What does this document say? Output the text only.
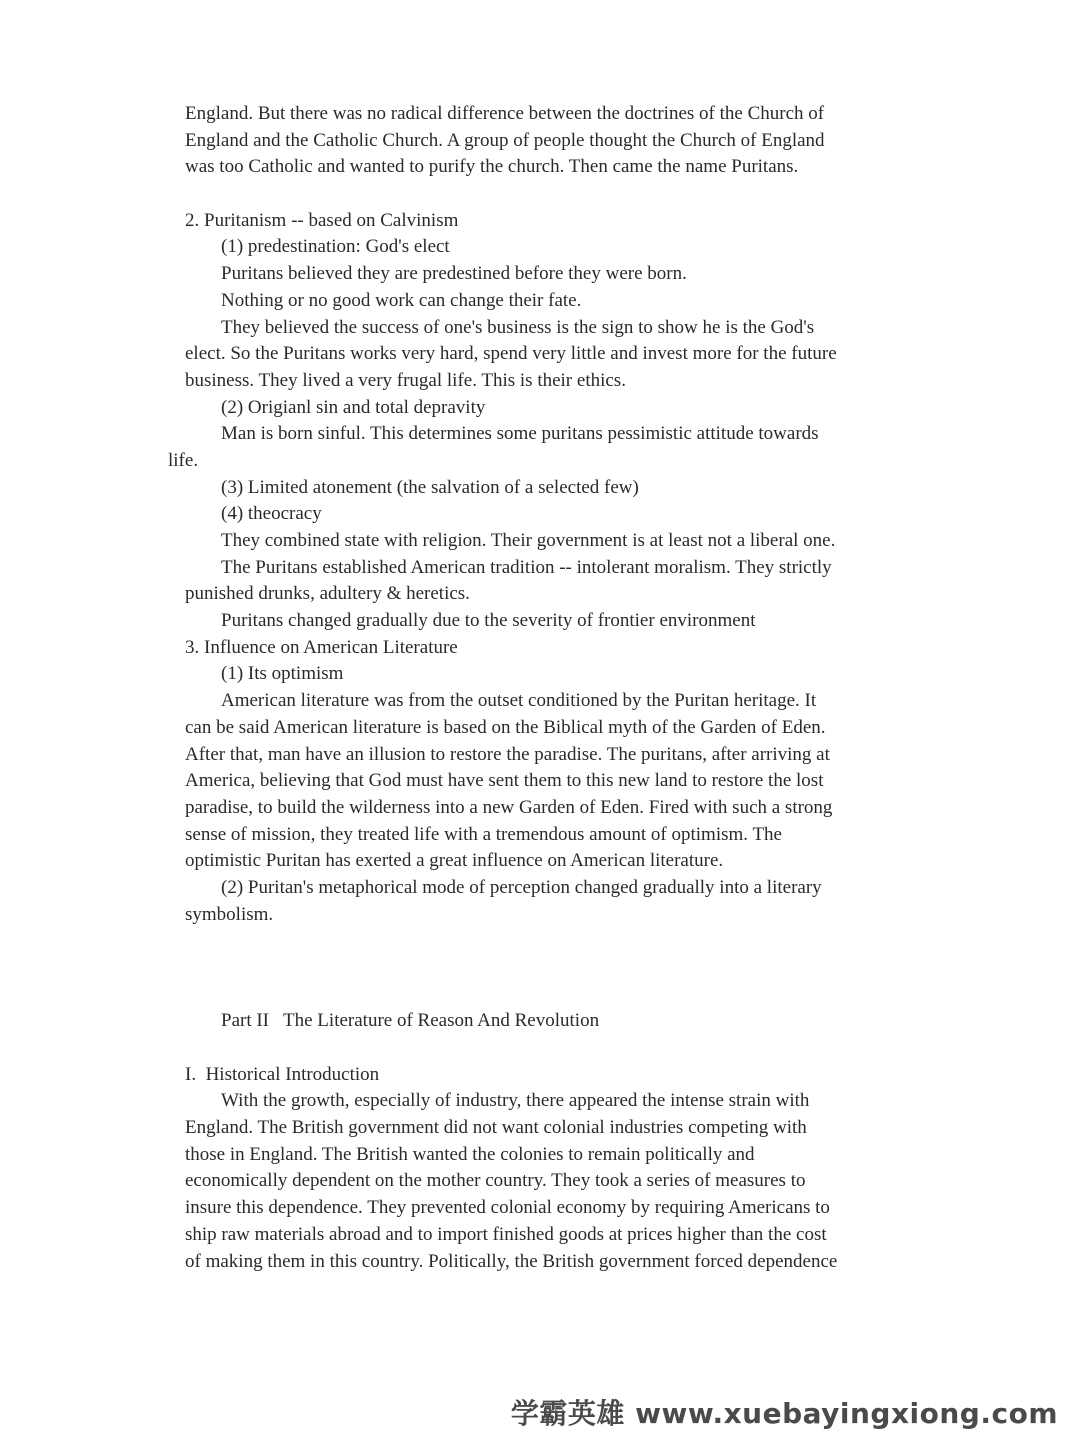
England. But there was no radical difference between the doctrines of the Church of
England and the Catholic Church. A group of people thought the Church of England
was too Catholic and wanted to purify the church. Then came the name Puritans.
2. Puritanism -- based on Calvinism
(1) predestination: God's elect
Puritans believed they are predestined before they were born.
Nothing or no good work can change their fate.
They believed the success of one's business is the sign to show he is the God's
elect. So the Puritans works very hard, spend very little and invest more for the future
business. They lived a very frugal life. This is their ethics.
(2) Origianl sin and total depravity
Man is born sinful. This determines some puritans pessimistic attitude towards
life.
(3) Limited atonement (the salvation of a selected few)
(4) theocracy
They combined state with religion. Their government is at least not a liberal one.
The Puritans established American tradition -- intolerant moralism. They strictly
punished drunks, adultery & heretics.
Puritans changed gradually due to the severity of frontier environment
3. Influence on American Literature
(1) Its optimism
American literature was from the outset conditioned by the Puritan heritage. It
can be said American literature is based on the Biblical myth of the Garden of Eden.
After that, man have an illusion to restore the paradise. The puritans, after arriving at
America, believing that God must have sent them to this new land to restore the lost
paradise, to build the wilderness into a new Garden of Eden. Fired with such a strong
sense of mission, they treated life with a tremendous amount of optimism. The
optimistic Puritan has exerted a great influence on American literature.
(2) Puritan's metaphorical mode of perception changed gradually into a literary
symbolism.
Part II The Literature of Reason And Revolution
I.  Historical Introduction
With the growth, especially of industry, there appeared the intense strain with
England. The British government did not want colonial industries competing with
those in England. The British wanted the colonies to remain politically and
economically dependent on the mother country. They took a series of measures to
insure this dependence. They prevented colonial economy by requiring Americans to
ship raw materials abroad and to import finished goods at prices higher than the cost
of making them in this country. Politically, the British government forced dependence
学霸英雄 www.xuebayingxiong.com
